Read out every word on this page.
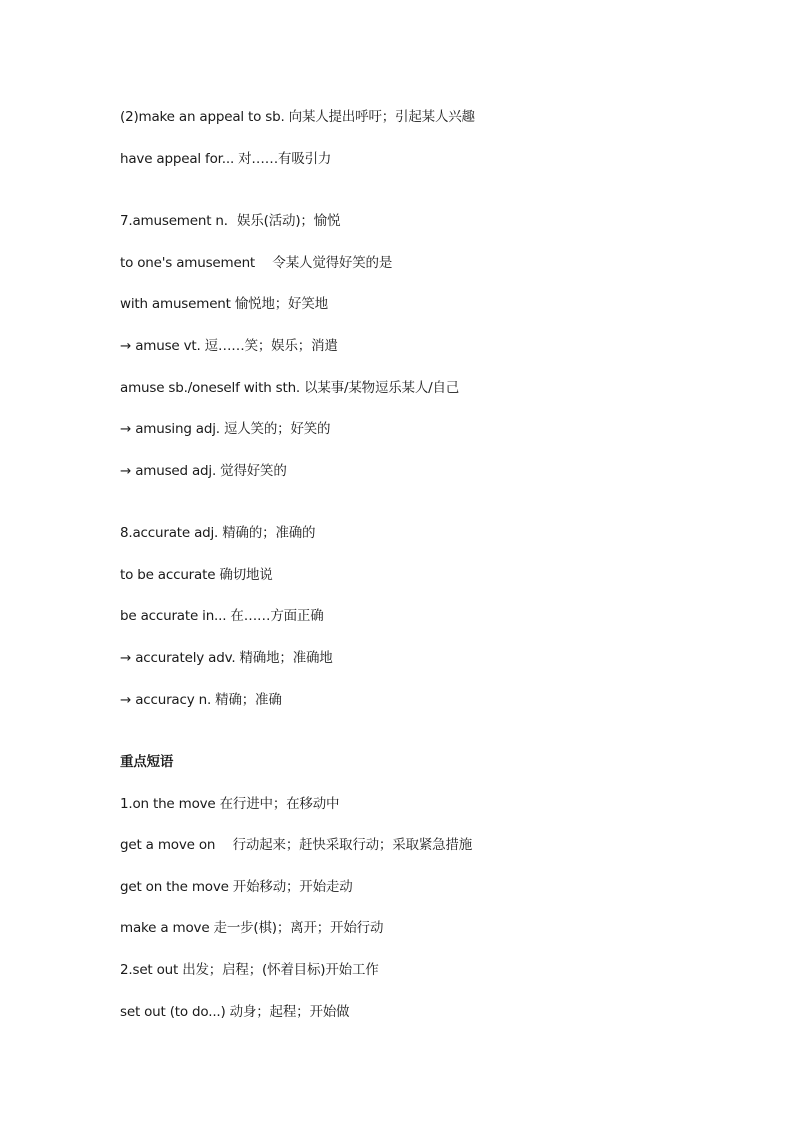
(2)make an appeal to sb. 向某人提出呼吁；引起某人兴趣
have appeal for... 对……有吸引力
7.amusement n．娱乐(活动)；愉悦
to one's amusement　 令某人觉得好笑的是
with amusement 愉悦地；好笑地
→ amuse vt. 逗……笑；娱乐；消遣
amuse sb./oneself with sth. 以某事/某物逗乐某人/自己
→ amusing adj. 逗人笑的；好笑的
→ amused adj. 觉得好笑的
8.accurate adj. 精确的；准确的
to be accurate 确切地说
be accurate in... 在……方面正确
→ accurately adv. 精确地；准确地
→ accuracy n. 精确；准确
重点短语
1.on the move 在行进中；在移动中
get a move on　 行动起来；赶快采取行动；采取紧急措施
get on the move 开始移动；开始走动
make a move 走一步(棋)；离开；开始行动
2.set out 出发；启程；(怀着目标)开始工作
set out (to do...) 动身；起程；开始做
